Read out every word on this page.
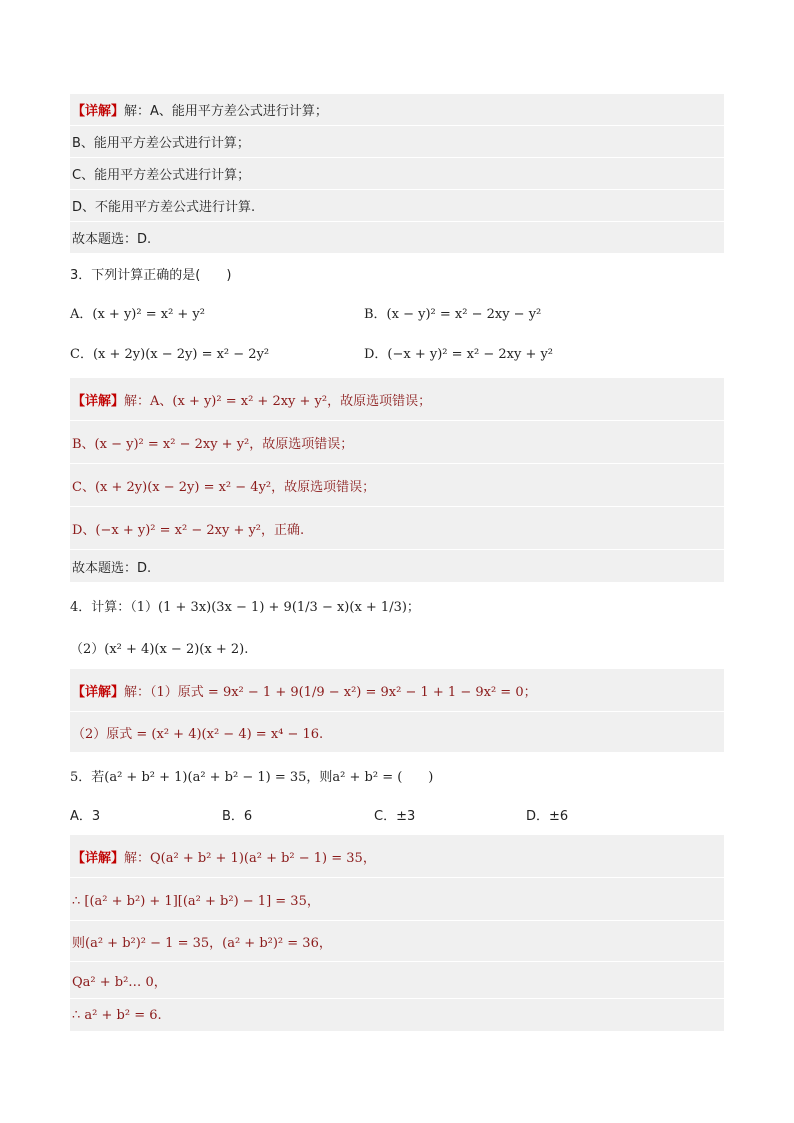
【详解】 解：A、能用平方差公式进行计算；
B、能用平方差公式进行计算；
C、能用平方差公式进行计算；
D、不能用平方差公式进行计算.
故本题选：D.
3．下列计算正确的是(　　)
A．(x + y)² = x² + y²	B．(x − y)² = x² − 2xy − y²
C．(x + 2y)(x − 2y) = x² − 2y²	D．(−x + y)² = x² − 2xy + y²
【详解】 解：A、(x + y)² = x² + 2xy + y²，故原选项错误；
B、(x − y)² = x² − 2xy + y²，故原选项错误；
C、(x + 2y)(x − 2y) = x² − 4y²，故原选项错误；
D、(−x + y)² = x² − 2xy + y²，正确.
故本题选：D.
4．计算：（1）(1 + 3x)(3x − 1) + 9(1/3 − x)(x + 1/3)；
（2）(x² + 4)(x − 2)(x + 2).
【详解】 解：（1）原式 = 9x² − 1 + 9(1/9 − x²) = 9x² − 1 + 1 − 9x² = 0；
（2）原式 = (x² + 4)(x² − 4) = x⁴ − 16.
5．若(a² + b² + 1)(a² + b² − 1) = 35，则a² + b² = (　　)
A．3	B．6	C．±3	D．±6
【详解】 解：Q(a² + b² + 1)(a² + b² − 1) = 35，
∴ [(a² + b²) + 1][(a² + b²) − 1] = 35，
则(a² + b²)² − 1 = 35，(a² + b²)² = 36，
Qa² + b²… 0，
∴ a² + b² = 6.
